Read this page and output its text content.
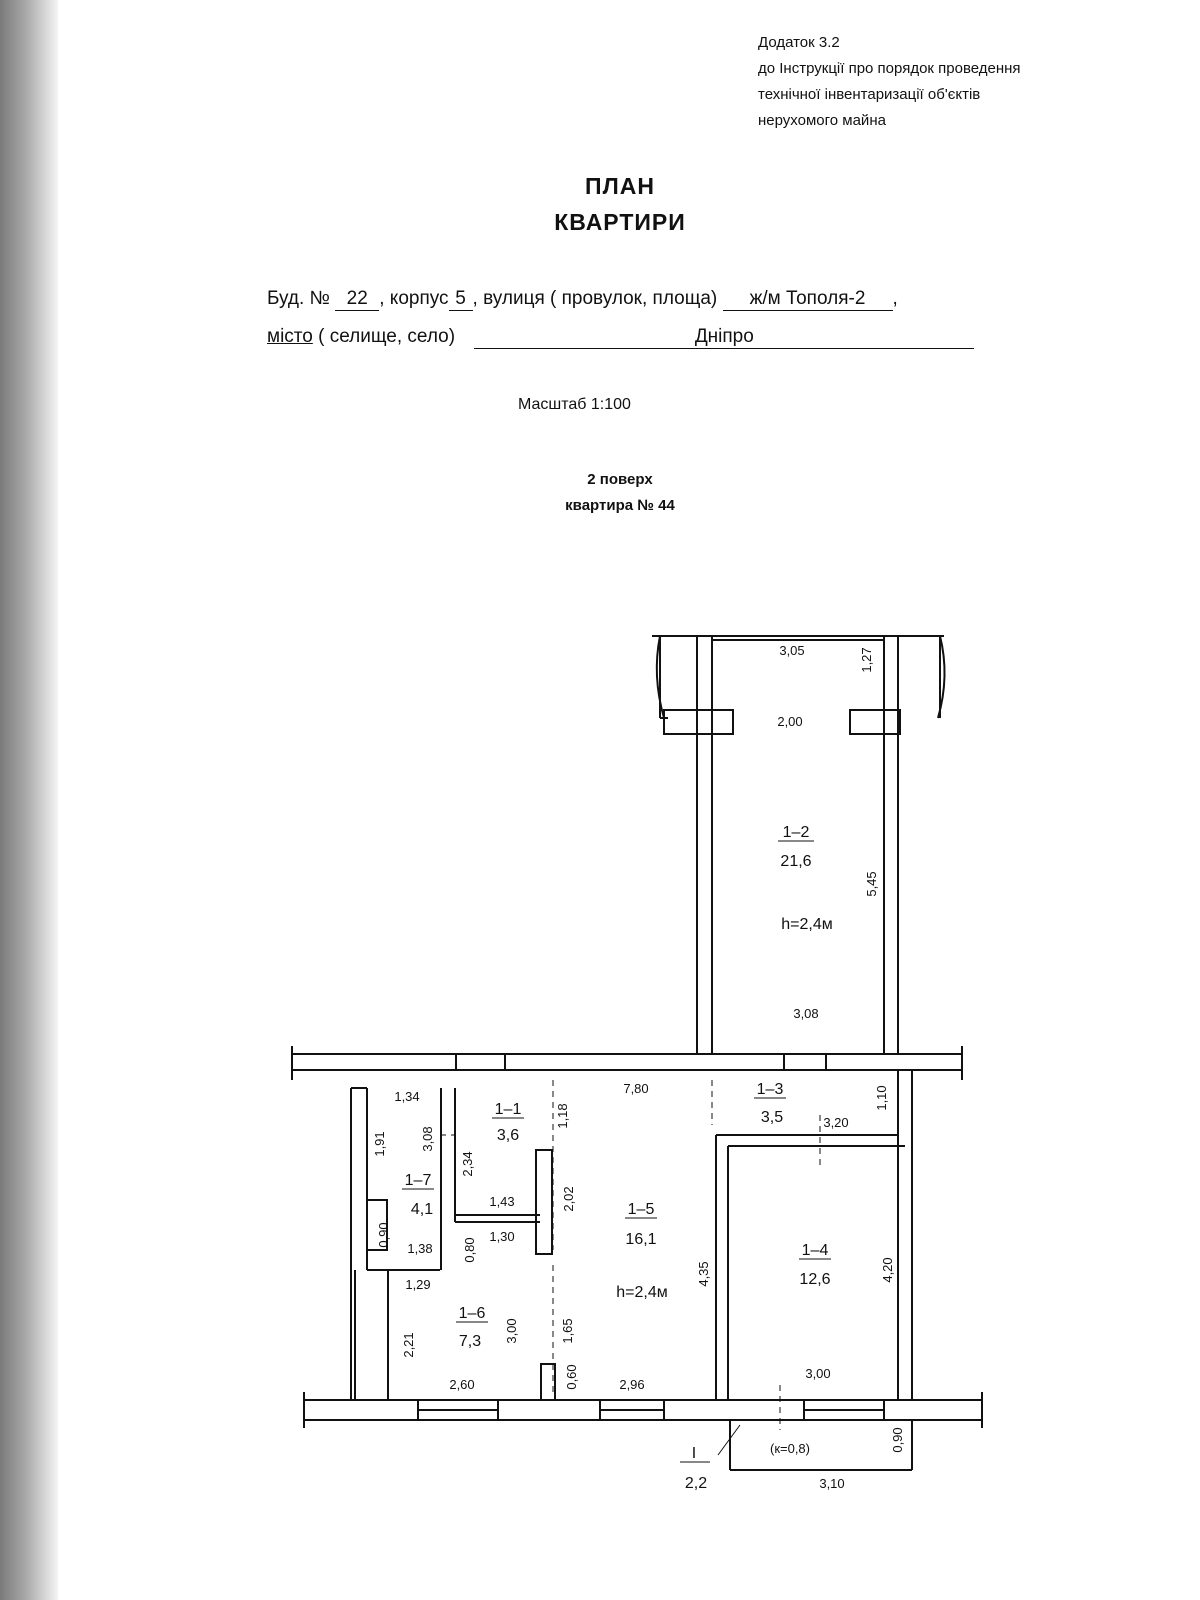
Додаток 3.2
до Інструкції про порядок проведення
технічної інвентаризації об'єктів
нерухомого майна
ПЛАН
КВАРТИРИ
Буд. № 22 , корпус 5 , вулиця ( провулок, площа) ж/м Тополя-2 ,
місто ( селище, село)	Дніпро
Масштаб 1:100
2 поверх
квартира № 44
1–2
21,6
h=2,4м
1–1
3,6
1–3
3,5
1–4
12,6
1–5
16,1
h=2,4м
1–6
7,3
1–7
4,1
I
2,2
(к=0,8)
3,05	1,27
2,00
5,45
3,08
7,80	1,10
3,20
1,34
1,18
1,91	3,08
2,34
2,02
1,43
0,90
1,38 0,80
1,30
4,35	4,20
1,29
3,00	1,65
2,21
0,60
2,60	2,96
3,00
0,90
3,10
